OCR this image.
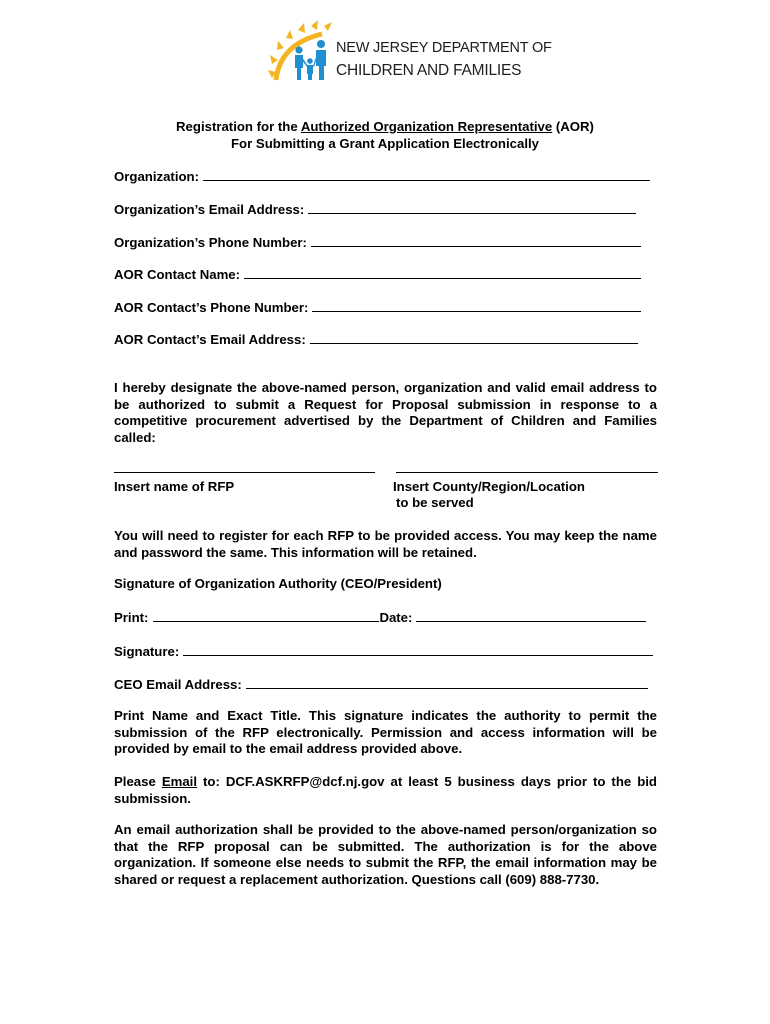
NEW JERSEY DEPARTMENT OF
CHILDREN AND FAMILIES
Registration for the Authorized Organization Representative (AOR)
For Submitting a Grant Application Electronically
Organization:
Organization’s Email Address:
Organization’s Phone Number:
AOR Contact Name:
AOR Contact’s Phone Number:
AOR Contact’s Email Address:
I hereby designate the above-named person, organization and valid email address to be authorized to submit a Request for Proposal submission in response to a competitive procurement advertised by the Department of Children and Families called:
Insert name of RFP	Insert County/Region/Location
to be served
You will need to register for each RFP to be provided access. You may keep the name and password the same. This information will be retained.
Signature of Organization Authority (CEO/President)
Print:	Date:
Signature:
CEO Email Address:
Print Name and Exact Title. This signature indicates the authority to permit the submission of the RFP electronically. Permission and access information will be provided by email to the email address provided above.
Please Email to: DCF.ASKRFP@dcf.nj.gov at least 5 business days prior to the bid submission.
An email authorization shall be provided to the above-named person/organization so that the RFP proposal can be submitted. The authorization is for the above organization. If someone else needs to submit the RFP, the email information may be shared or request a replacement authorization. Questions call (609) 888-7730.
